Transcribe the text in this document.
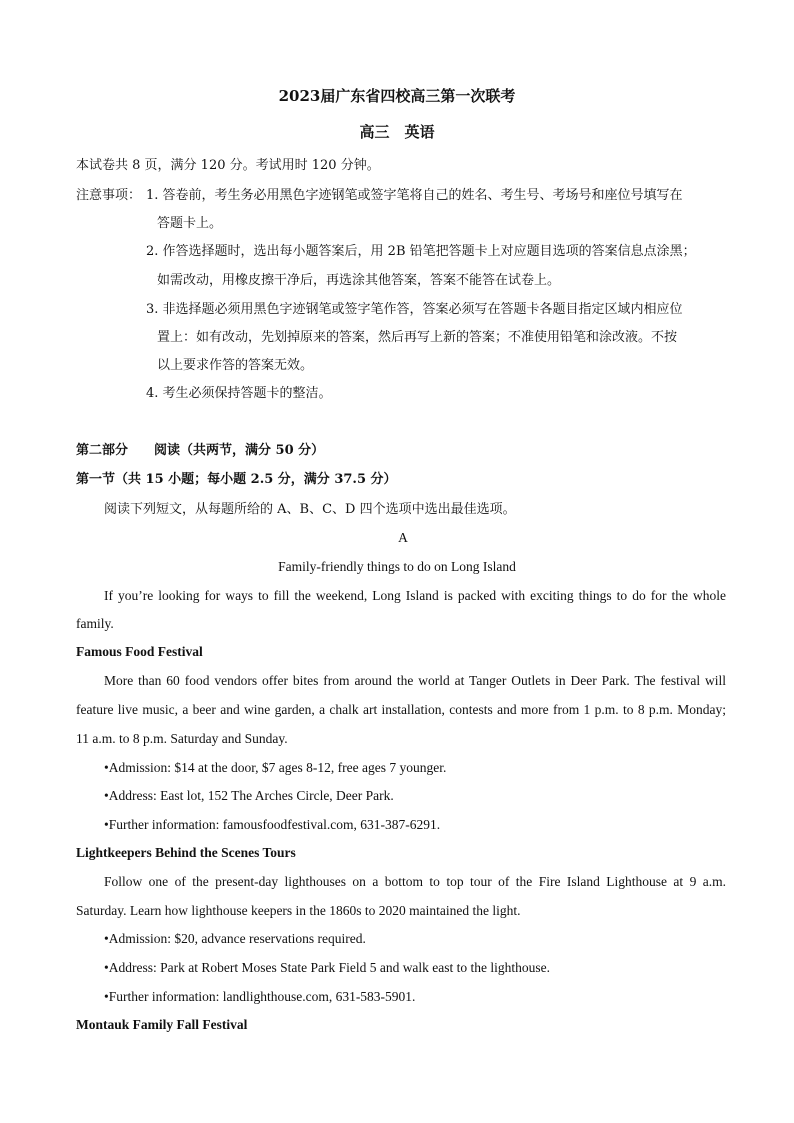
2023届广东省四校高三第一次联考
高三　英语
本试卷共 8 页，满分 120 分。考试用时 120 分钟。
注意事项： 1. 答卷前，考生务必用黑色字迹钢笔或签字笔将自己的姓名、考生号、考场号和座位号填写在
答题卡上。
2. 作答选择题时，选出每小题答案后，用 2B 铅笔把答题卡上对应题目选项的答案信息点涂黑；
如需改动，用橡皮擦干净后，再选涂其他答案，答案不能答在试卷上。
3. 非选择题必须用黑色字迹钢笔或签字笔作答，答案必须写在答题卡各题目指定区域内相应位
置上：如有改动，先划掉原来的答案，然后再写上新的答案；不准使用铅笔和涂改液。不按
以上要求作答的答案无效。
4. 考生必须保持答题卡的整洁。
第二部分　　阅读（共两节，满分 50 分）
第一节（共 15 小题；每小题 2.5 分，满分 37.5 分）
阅读下列短文，从每题所给的 A、B、C、D 四个选项中选出最佳选项。
A
Family-friendly things to do on Long Island
If you’re looking for ways to fill the weekend, Long Island is packed with exciting things to do for the whole
family.
Famous Food Festival
More than 60 food vendors offer bites from around the world at Tanger Outlets in Deer Park. The festival will
feature live music, a beer and wine garden, a chalk art installation, contests and more from 1 p.m. to 8 p.m. Monday;
11 a.m. to 8 p.m. Saturday and Sunday.
•Admission: $14 at the door, $7 ages 8-12, free ages 7 younger.
•Address: East lot, 152 The Arches Circle, Deer Park.
•Further information: famousfoodfestival.com, 631-387-6291.
Lightkeepers Behind the Scenes Tours
Follow one of the present-day lighthouses on a bottom to top tour of the Fire Island Lighthouse at 9 a.m.
Saturday. Learn how lighthouse keepers in the 1860s to 2020 maintained the light.
•Admission: $20, advance reservations required.
•Address: Park at Robert Moses State Park Field 5 and walk east to the lighthouse.
•Further information: landlighthouse.com, 631-583-5901.
Montauk Family Fall Festival
